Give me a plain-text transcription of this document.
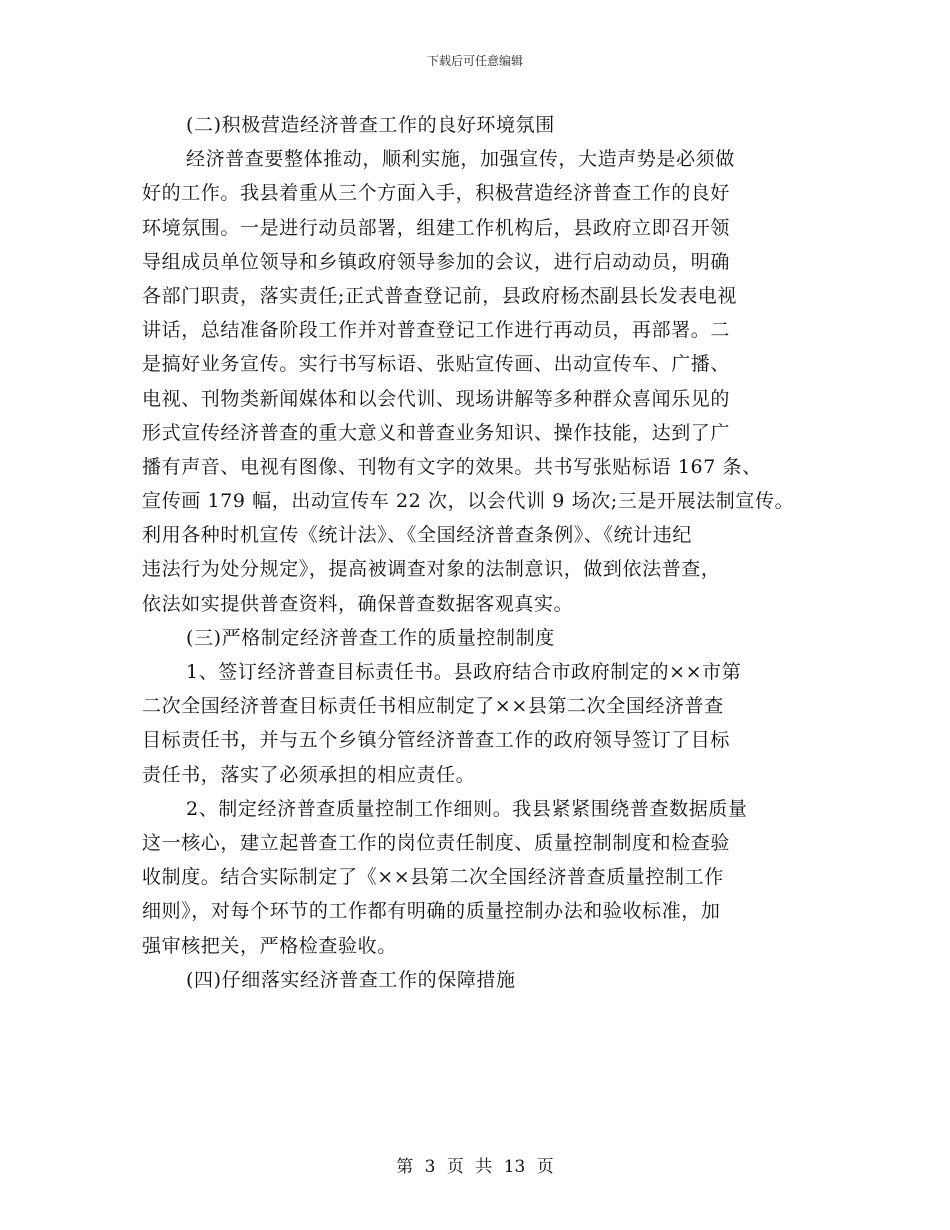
下载后可任意编辑
(二)积极营造经济普查工作的良好环境氛围
经济普查要整体推动，顺利实施，加强宣传，大造声势是必须做
好的工作。我县着重从三个方面入手，积极营造经济普查工作的良好
环境氛围。一是进行动员部署，组建工作机构后，县政府立即召开领
导组成员单位领导和乡镇政府领导参加的会议，进行启动动员，明确
各部门职责，落实责任;正式普查登记前，县政府杨杰副县长发表电视
讲话，总结准备阶段工作并对普查登记工作进行再动员，再部署。二
是搞好业务宣传。实行书写标语、张贴宣传画、出动宣传车、广播、
电视、刊物类新闻媒体和以会代训、现场讲解等多种群众喜闻乐见的
形式宣传经济普查的重大意义和普查业务知识、操作技能，达到了广
播有声音、电视有图像、刊物有文字的效果。共书写张贴标语 167 条、
宣传画 179 幅，出动宣传车 22 次，以会代训 9 场次;三是开展法制宣传。
利用各种时机宣传《统计法》、《全国经济普查条例》、《统计违纪
违法行为处分规定》，提高被调查对象的法制意识，做到依法普查，
依法如实提供普查资料，确保普查数据客观真实。
(三)严格制定经济普查工作的质量控制制度
1、签订经济普查目标责任书。县政府结合市政府制定的××市第
二次全国经济普查目标责任书相应制定了××县第二次全国经济普查
目标责任书，并与五个乡镇分管经济普查工作的政府领导签订了目标
责任书，落实了必须承担的相应责任。
2、制定经济普查质量控制工作细则。我县紧紧围绕普查数据质量
这一核心，建立起普查工作的岗位责任制度、质量控制制度和检查验
收制度。结合实际制定了《××县第二次全国经济普查质量控制工作
细则》，对每个环节的工作都有明确的质量控制办法和验收标准，加
强审核把关，严格检查验收。
(四)仔细落实经济普查工作的保障措施
第 3 页 共 13 页
